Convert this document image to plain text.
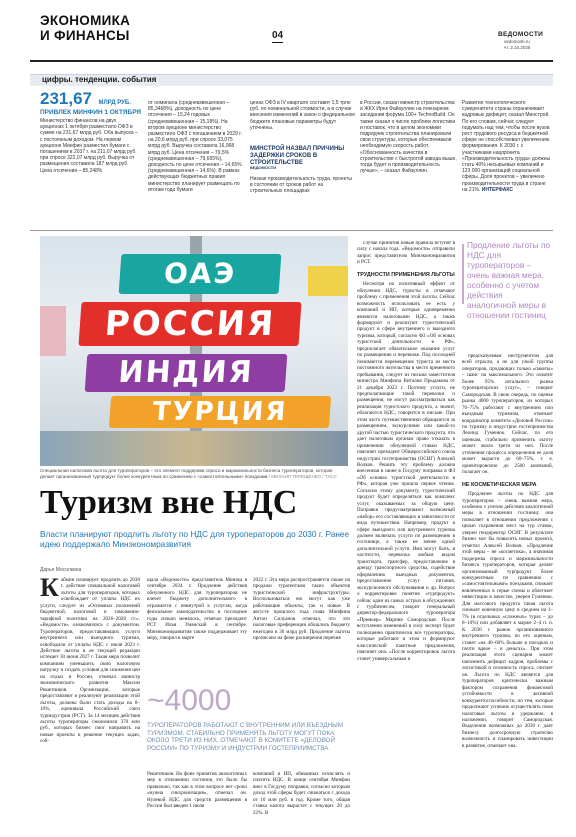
ЭКОНОМИКА
И ФИНАНСЫ	04	ВЕДОМОСТИ
vedomosti.ru
чт. 2.10.2025
цифры. тенденции. события
231,67 МЛРД РУБ.
ПРИВЛЕК МИНФИН 1 ОКТЯБРЯ
Министерство финансов на двух аукционах 1 октября разместило ОФЗ в сумме на 231,67 млрд руб. Оба выпуска – с постоянным доходом. На первом аукционе Минфин разместил бумаги с погашением в 2037 г. на 211,07 млрд руб. при спросе 322,07 млрд руб. Выручка от размещения составила 187 млрд руб. Цена отсечения – 85,248%
от номинала (средневзвешенная – 85,3468%), доходность по цене отсечения – 15,24 годовых (средневзвешенная – 15,18%). На втором аукционе министерство разместило ОФЗ с погашением в 2029 г. на 20,6 млрд руб. при спросе 33,075 млрд руб. Выручка составила 16,968 млрд руб. Цена отсечения – 79,5% (средневзвешенная – 79,665%), доходность по цене отсечения – 14,65% (средневзвешенная – 14,6%). В рамках действующих бюджетных правил министерство планирует размещать по итогам года бумаги
ценах ОФЗ в IV квартале составит 1,5 трлн руб. по номинальной стоимости, а в случае внесения изменений в закон о федеральном бюджете плановые параметры будут уточнены.
МИНСТРОЙ НАЗВАЛ ПРИЧИНЫ ЗАДЕРЖКИ СРОКОВ В СТРОИТЕЛЬСТВЕ
Низкая производительность труда, проекты в состоянии от сроков работ на строительных площадках
ВЕДОМОСТИ
в России, сказал министр строительства и ЖКХ Ирек Файзуллин на пленарном заседании форума 100+ TechnoBuild. Он также сказал о числе проблем логистики и поставок, что в целом экономики подрядчик строительства планировали свои структуры, которые обеспечивали необходимую скорость работ. «Обоснованность качества в строительстве с быстротой завода выше, тогда будет и производительность лучше», – сказал Файзуллин.
Развитие технологического суверенитета страны ограничивает кадровых дефицит, сказал Минстрой. По его словам, сейчас следует подумать над тем, чтобы после вузов рост трудового ресурса в бюджетной сфере не способствовал увеличению формирования. К 2030 г. с участниками нацпроекта «Производительность труда» должны стать 40% несырьевых компаний и 123 000 организаций социальной сферы. Доля проектов – увеличено производительности труда в стране на 21%. ИНТЕРФАКС
ОАЭ
РОССИЯ
ИНДИЯ
ТУРЦИЯ
Специальная налоговая льгота для туроператоров – это элемент поддержки спроса и маржинальности бизнеса туроператоров, которая делает организованный турпродукт более конкурентным по сравнению с «самостоятельными» поездками / МИХАИЛ ТЕРЕЩЕНКО / ТАСС
Туризм вне НДС
Власти планируют продлить льготу по НДС для туроператоров до 2030 г. Ранее идею поддержало Минэкономразвития
Дарья Мосолкина
К абмин планирует продлить до 2030 г. действие специальной налоговой льготы для туроператоров, которых освобождает от уплаты НДС их услуги, следует из «Основных положений бюджетной, налоговой и таможенно-тарифной политики на 2026–2028 гг.». «Ведомости» ознакомились с документом. Туроператоров, предоставляющих услуги внутреннего или выездного туризма, освободили от уплаты НДС с июля 2023 г. Действие льготы в ее текущей редакции истекает 30 июня 2027 г. Такая мера позволит компаниям уменьшить свою налоговую нагрузку и создать условия для снижения цен на отдых в России, отмечал министр экономического развития Максим Решетников. Организации, которые предоставляют и реализуют реализации этой льготы, должны были стать доходы на 8–10%, оценивала Российский союз туриндустрии (РСТ). За 14 месяцев действия льготы туроператоры сэкономили 370 млн руб., которых бизнес смог направить на новые проекты и решение текущих задач, соб-
щала «Ведомости» представитель Минэка в сентябре 2024 г. Продление действия обнуленного НДС для туроператоров не влечет бюджету дополнительного в отражается с инвнутрой к услугам, когда фискальное законодательство в последние годы сильно менялось, отмечал президент РСТ Илья Уманский в сентябре. Минэкономразвития также поддерживает эту меру, говорил в марте
2022 г. Эта мера распространяется также на продажи турагентами таких объектов туристической инфраструктуры. Воспользоваться ею могут как уже работающие объекты, так и новые. В августе прошлого года глава Минфина Антон Силуанов отмечал, что эти налоговые преференции обошлись бюджету ежегодно в 36 млрд руб. Продление льготы прописано на фоне расширения перечня
~4000
ТУРОПЕРАТОРОВ РАБОТАЮТ С ВНУТРЕННИМ ИЛИ ВЪЕЗДНЫМ ТУРИЗМОМ. СТАБИЛЬНО ПРИМЕНЯТЬ ЛЬГОТУ МОГУТ ПОКА ОКОЛО ТРЕТИ ИЗ НИХ, ОТМЕЧАЮТ В КОМИТЕТЕ «ДЕЛОВОЙ РОССИИ» ПО ТУРИЗМУ И ИНДУСТРИИ ГОСТЕПРИИМСТВА
Решетников. На фоне принятия аналогичных мер в отношении гостиниц это было бы правильно, так как в этом вопросе нет сроки «нужна синхронизация», отмечал он. Нулевой НДС для средств размещения в России был введен 1 июля
компаний и ИП, обязанных исчислять и платить НДС. В конце сентября Минфин внес в Госдуму поправки, согласно которым доход этой сферы будет снижаться с дохода от 10 млн руб. в год. Кроме того, общая ставка налога вырастет с текущих 20 до 22%. В

случае принятия новые правила вступят в силу с начала года. «Ведомости» отправили запрос представителю Минэкономразвития и РСТ.

ТРУДНОСТИ ПРИМЕНЕНИЯ ЛЬГОТЫ

Несмотря на позитивный эффект от обнуления НДС, туристы в отмечают проблему с применения этой льготы. Сейчас возможность использовать ее есть у компаний и ИП, которые одновременно являются налоговыми НДС, а также формируют и реализуют туристический продукт в сфере внутреннего и выездного туризма, который, согласно ФЗ «Об основах туристской деятельности в РФ», предполагает обязательное оказание услуг по размещению и перевозке. Под последней понимается перемещение туриста из места постоянного жительства в место временного пребывания, следует из письма заместителя министра Минфина Виталия Прыдакова от 21 декабря 2023 г. Поэтому услуги, не предполагающие такой перевозки и размещения, не могут рассматриваться как реализация туристского продукта, а значит, облагаются НДС, говорится в письме. При этом часто путешественники обращаются за размещением, экскурсиями или какой-то другой частью туристического продукта, что дает налоговым органам право отказать в применении обнуленной ставки НДС, поясняет президент Общероссийского союза индустрии гостеприимства (ОСИГ) Алексей Волков. Решить эту проблему должна внесенная в июне в Госдуму поправка в ФЗ «Об основах туристской деятельности в РФ», которая уже прошла первое чтение. Согласно этому документу, туристический продукт будет определяться как комплекс услуг, оказываемых за общую цену. Поправки предусматривают возможный «набор» его составляющих в зависимости от вида путешествия. Например, продукт в сфере выездного или внутреннего туризма должен включать услуги по размещению в гостинице, а также не менее одной дополнительной услуги. Ими могут быть, в частности, перевозка любым видом транспорта, трансфер, предоставление в аренду транспортного средства, содействие оформлению выездных документов, предоставление услуг питания, экскурсионного обслуживания и др. Вопрос о корректировке понятия «турпродукт» сейчас один из самых острых в обсуждениях с турбизнесом, говорит генеральный директор-федерального туроператора «Премьер» Мариня Самородская. После вступления изменений в силу эксперт будет полноценно практически все туроператоры, которые работают в этом и формируют классический пакетные предложения, поясняет она. «После корректировок льгота станет универсальным и

Продление льготы по НДС для туроператоров – очень важная мера, особенно с учетом действия аналогичной меры в отношении гостиниц

предсказуемым инструментом для всей отрасли, а не для узкой группы операторов, продающих только «пакеты» – шанс на максимального. Это охватит более 95% легального рынка туроператорских услуг», – говорит Самородская. В свою очередь, по оценке рынка 4000 туроператоров, из которых 70–75% работают с внутренним или въездным туризмом, отмечает координатор комитета «Деловой России» по туризму и индустрии гостеприимства Леонид Гуменюк. Сейчас, по его оценкам, стабильно применить льготу может около трети из них. После уточнения процесса определения ее доля может вырасти до 60–75%, т. е. ориентировочно до 2500 компаний, полагает он.

НЕ КОСМЕТИЧЕСКАЯ МЕРА

Продление льготы по НДС для туроператоров – очень важная мера, особенно с учетом действия аналогичной меры в отношении гостиниц: она позволяет в отношении предложения с целью сохранения мест на тур ставок, уверен гендиректор ОСИГ. В результате бизнес мог бы повысить новых проекта, отметил Алексей Волков. «Продление этой меры – не «косметика», а значимая поддержка спроса и маржинальности бизнеса туроператоров, которая делает организованный турпродукт более конкурентным по сравнению с «самостоятельными» поездками, снижает вовлеченных в серые схемы и облегчает инвестиции в качество, уверен Гуменюк. Для массового продукта такая льгота снижает конечную цену в среднем на 3–7% (в отдельных «сложных» турах – до 8–10%) или добавляет к марже 2–4 п. п. К 2030 г. рынок организованного внутреннего туризма, по его оценкам, станет «на 40–60% больше в поездках и почти вдвое – в деньгах». При этом реализация этого сценария может напомнить дефицит кадров, проблемы с логистикой и сезонность спроса, считает он. Льгота по НДС является для туроператоров критически важным фактором сохранения финансовой устойчивости в активной конкурентоспособности, по тем, которые продолжают успешно осуществлять свою налоговые льготы и удержание, в наложении, говорит Самородская. Выделение возможных до 2030 г. дает бизнесу долгосрочную стратегию возможность и планировать инвестиции в развитие, отмечает она.
